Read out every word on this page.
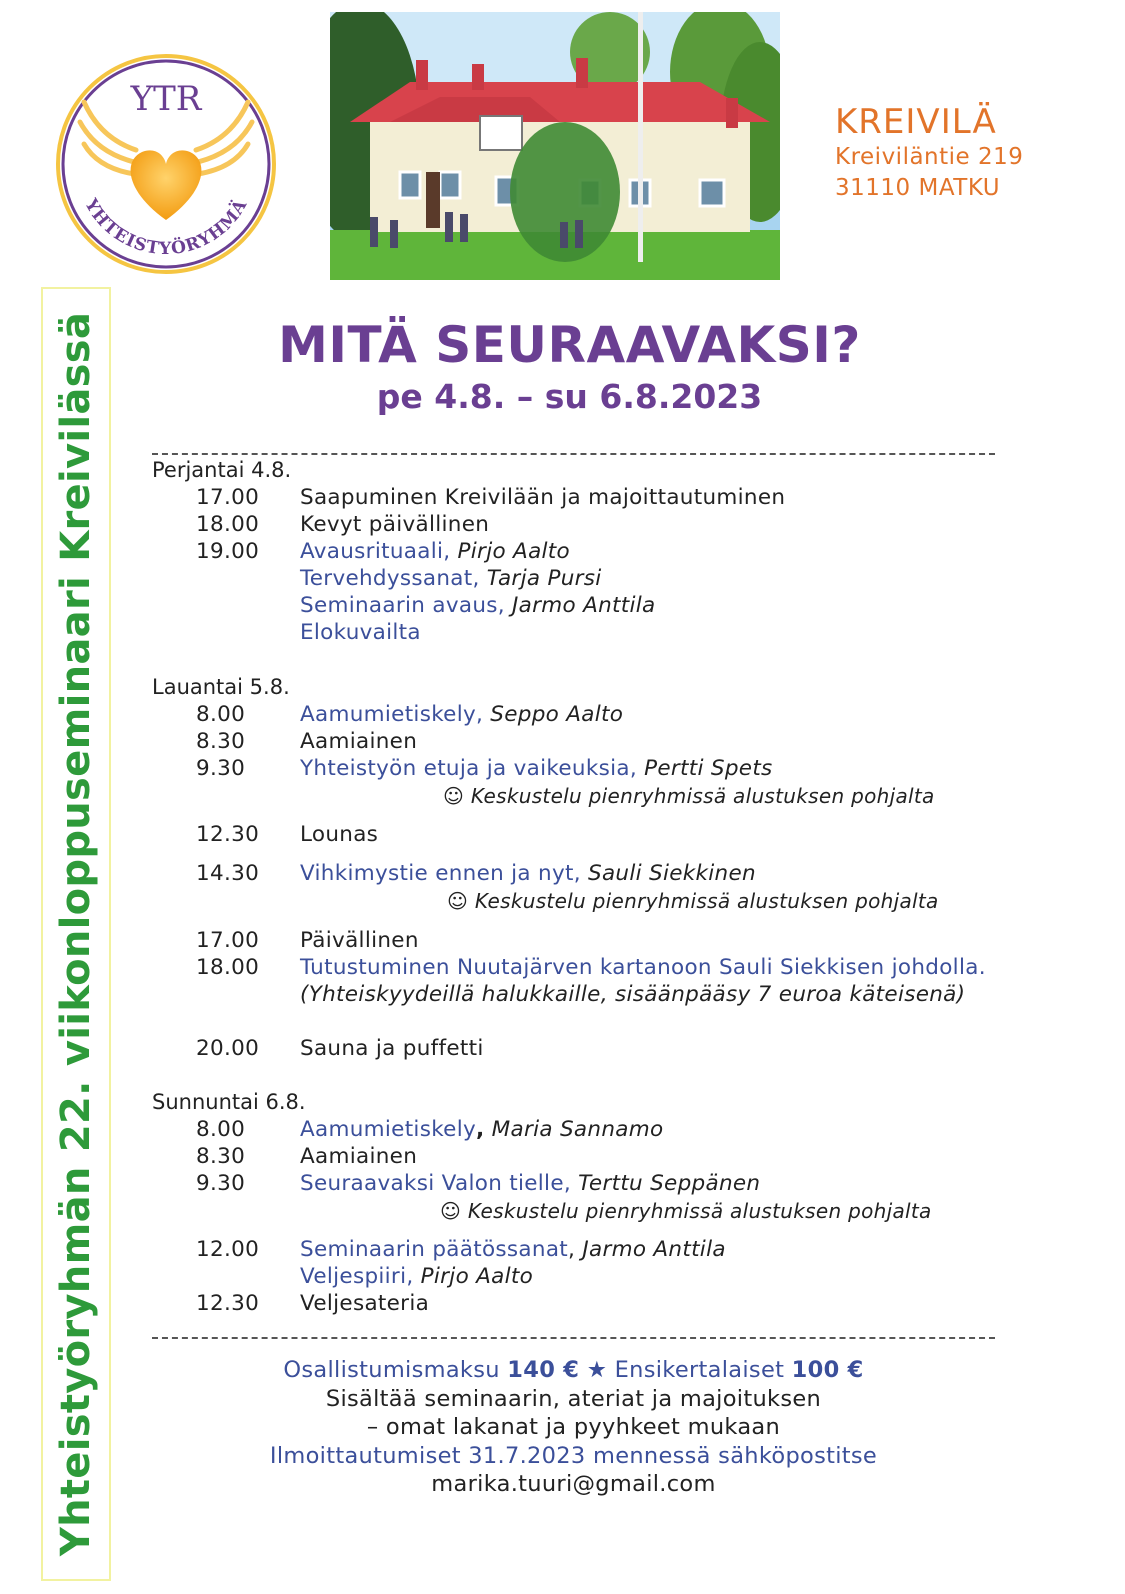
YTR
YHTEISTYÖRYHMÄ
KREIVILÄ
Kreiviläntie 219
31110 MATKU
Yhteistyöryhmän 22. viikonloppuseminaari Kreivilässä	MITÄ SEURAAVAKSI?
pe 4.8. – su 6.8.2023
Perjantai 4.8.
17.00 Saapuminen Kreivilään ja majoittautuminen
18.00 Kevyt päivällinen
19.00 Avausrituaali, Pirjo Aalto
Tervehdyssanat, Tarja Pursi
Seminaarin avaus, Jarmo Anttila
Elokuvailta
Lauantai 5.8.
8.00	Aamumietiskely, Seppo Aalto
8.30	Aamiainen
9.30	Yhteistyön etuja ja vaikeuksia, Pertti Spets
☺ Keskustelu pienryhmissä alustuksen pohjalta
12.30 Lounas
14.30 Vihkimystie ennen ja nyt, Sauli Siekkinen
☺ Keskustelu pienryhmissä alustuksen pohjalta
17.00 Päivällinen
18.00 Tutustuminen Nuutajärven kartanoon Sauli Siekkisen johdolla.
(Yhteiskyydeillä halukkaille, sisäänpääsy 7 euroa käteisenä)
20.00 Sauna ja puffetti
Sunnuntai 6.8.
8.00	Aamumietiskely, Maria Sannamo
8.30	Aamiainen
9.30	Seuraavaksi Valon tielle, Terttu Seppänen
☺ Keskustelu pienryhmissä alustuksen pohjalta
12.00 Seminaarin päätössanat, Jarmo Anttila
Veljespiiri, Pirjo Aalto
12.30 Veljesateria
Osallistumismaksu 140 € ★ Ensikertalaiset 100 €
Sisältää seminaarin, ateriat ja majoituksen
– omat lakanat ja pyyhkeet mukaan
Ilmoittautumiset 31.7.2023 mennessä sähköpostitse
marika.tuuri@gmail.com
